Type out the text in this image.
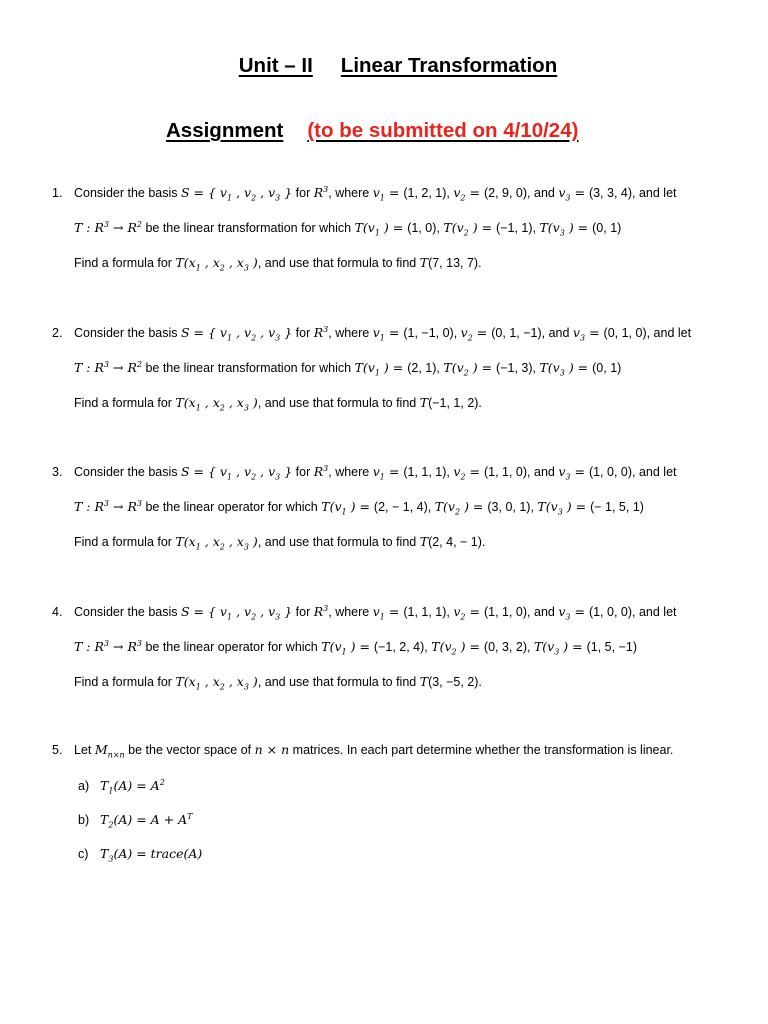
Unit – II Linear Transformation
Assignment (to be submitted on 4/10/24)
1. Consider the basis S = { $v_1$ , $v_2$ , $v_3$ } for $R^3$, where $v_1 = (1$, 2, 1), $v_2 = (2$, 9, 0), and $v_3 = (3$, 3, 4), and let
T : $R^3 \to R^2$ be the linear transformation for which $T(v_1$ ) = (1, 0), $T(v_2$ ) = (−1, 1), $T(v_3$ ) = (0, 1)
Find a formula for $T(x_1$ , $x_2$ , $x_3$ ), and use that formula to find T(7, 13, 7).
2. Consider the basis S = { $v_1$ , $v_2$ , $v_3$ } for $R^3$, where $v_1 = (1$, −1, 0), $v_2 = (0$, 1, −1), and $v_3 = (0$, 1, 0), and let
T : $R^3 \to R^2$ be the linear transformation for which $T(v_1$ ) = (2, 1), $T(v_2$ ) = (−1, 3), $T(v_3$ ) = (0, 1)
Find a formula for $T(x_1$ , $x_2$ , $x_3$ ), and use that formula to find T(−1, 1, 2).
3. Consider the basis S = { $v_1$ , $v_2$ , $v_3$ } for $R^3$, where $v_1 = (1$, 1, 1), $v_2 = (1$, 1, 0), and $v_3 = (1$, 0, 0), and let
T : $R^3 \to R^3$ be the linear operator for which $T(v_1$ ) = (2, − 1, 4), $T(v_2$ ) = (3, 0, 1), $T(v_3$ ) = (− 1, 5, 1)
Find a formula for $T(x_1$ , $x_2$ , $x_3$ ), and use that formula to find T(2, 4, − 1).
4. Consider the basis S = { $v_1$ , $v_2$ , $v_3$ } for $R^3$, where $v_1 = (1$, 1, 1), $v_2 = (1$, 1, 0), and $v_3 = (1$, 0, 0), and let
T : $R^3 \to R^3$ be the linear operator for which $T(v_1$ ) = (−1, 2, 4), $T(v_2$ ) = (0, 3, 2), $T(v_3$ ) = (1, 5, −1)
Find a formula for $T(x_1$ , $x_2$ , $x_3$ ), and use that formula to find T(3, −5, 2).
5. Let $M_{n\times n}$ be the vector space of n × n matrices. In each part determine whether the transformation is linear.
a) $T_1(A) = A^2$
b) $T_2(A) = A + A^T$
c) $T_3(A)$ = trace(A)
